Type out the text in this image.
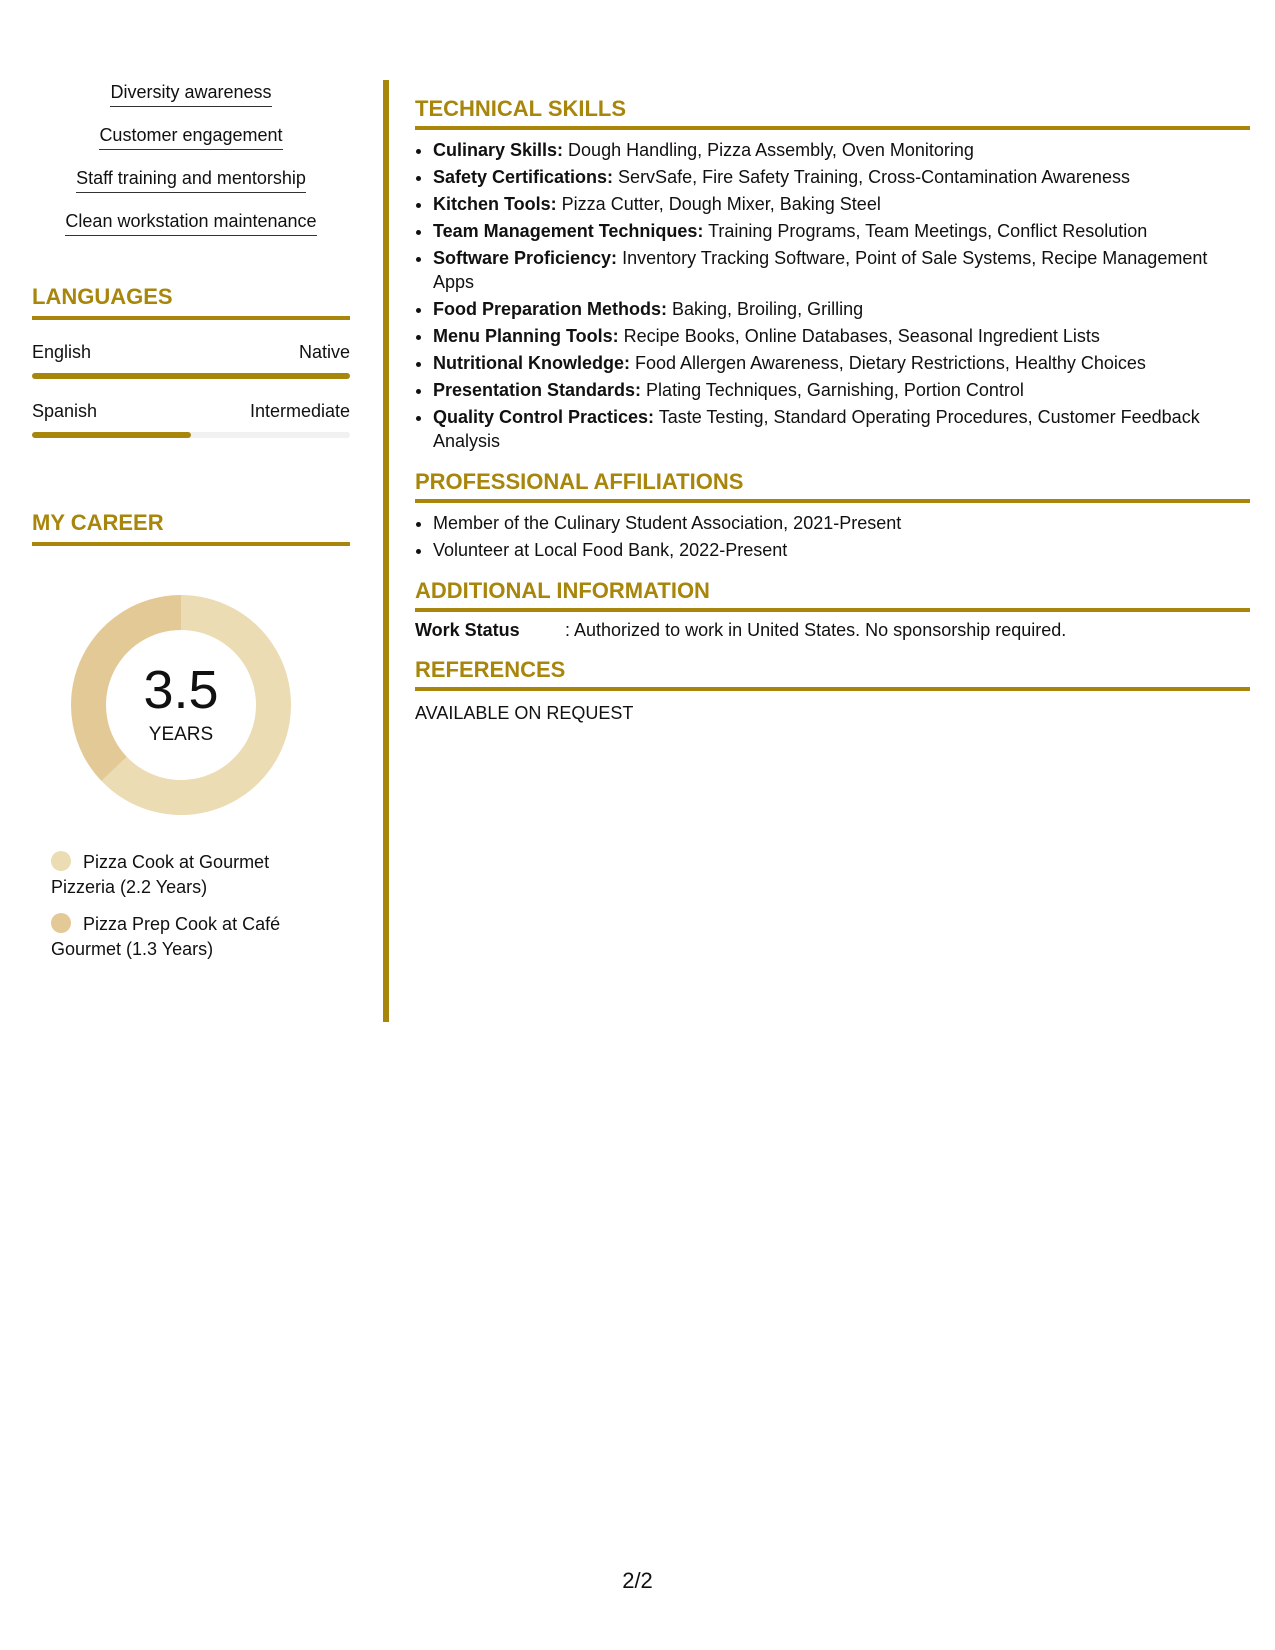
Diversity awareness
Customer engagement
Staff training and mentorship
Clean workstation maintenance
LANGUAGES
English	Native
Spanish	Intermediate
MY CAREER
3.5
YEARS
Pizza Cook at Gourmet Pizzeria (2.2 Years)
Pizza Prep Cook at Café Gourmet (1.3 Years)
TECHNICAL SKILLS
• Culinary Skills: Dough Handling, Pizza Assembly, Oven Monitoring
• Safety Certifications: ServSafe, Fire Safety Training, Cross-Contamination Awareness
• Kitchen Tools: Pizza Cutter, Dough Mixer, Baking Steel
• Team Management Techniques: Training Programs, Team Meetings, Conflict Resolution
• Software Proficiency: Inventory Tracking Software, Point of Sale Systems, Recipe Management Apps
• Food Preparation Methods: Baking, Broiling, Grilling
• Menu Planning Tools: Recipe Books, Online Databases, Seasonal Ingredient Lists
• Nutritional Knowledge: Food Allergen Awareness, Dietary Restrictions, Healthy Choices
• Presentation Standards: Plating Techniques, Garnishing, Portion Control
• Quality Control Practices: Taste Testing, Standard Operating Procedures, Customer Feedback Analysis
PROFESSIONAL AFFILIATIONS
• Member of the Culinary Student Association, 2021-Present
• Volunteer at Local Food Bank, 2022-Present
ADDITIONAL INFORMATION
Work Status	: Authorized to work in United States. No sponsorship required.
REFERENCES
AVAILABLE ON REQUEST
2/2
